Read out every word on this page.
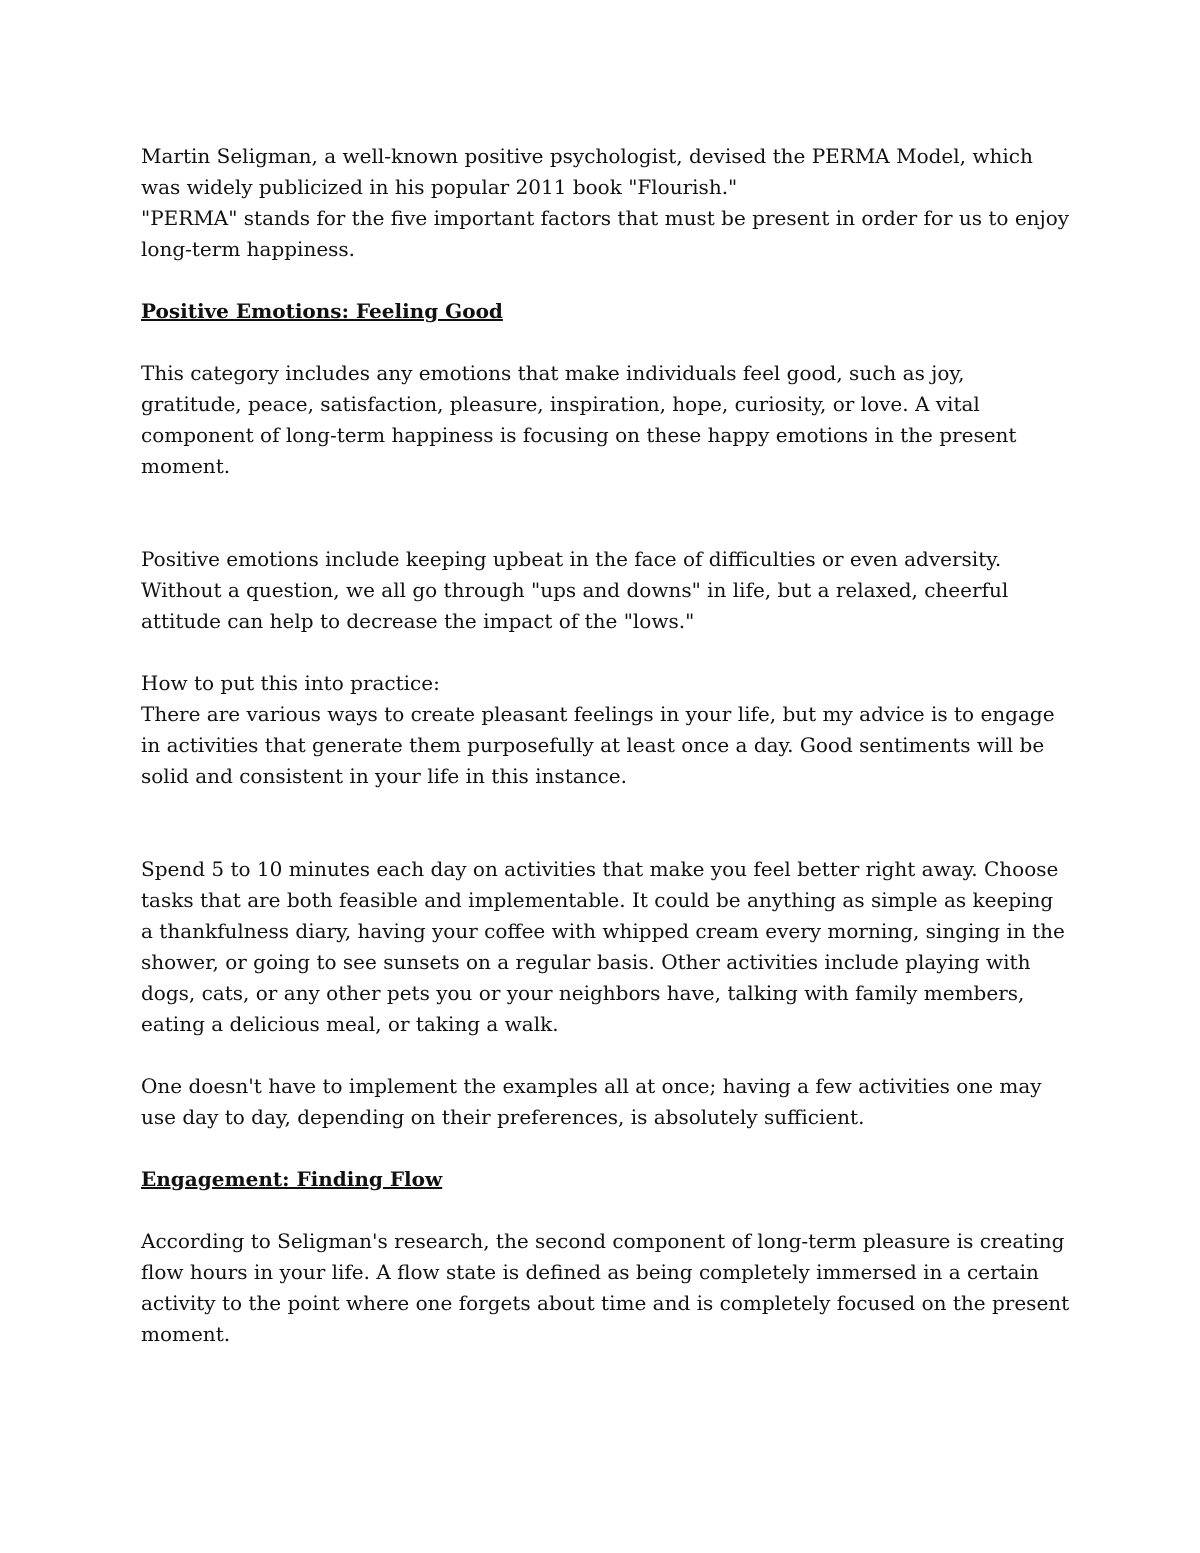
Martin Seligman, a well-known positive psychologist, devised the PERMA Model, which was widely publicized in his popular 2011 book "Flourish."

"PERMA" stands for the five important factors that must be present in order for us to enjoy long-term happiness.

Positive Emotions: Feeling Good

This category includes any emotions that make individuals feel good, such as joy, gratitude, peace, satisfaction, pleasure, inspiration, hope, curiosity, or love. A vital component of long-term happiness is focusing on these happy emotions in the present moment.

Positive emotions include keeping upbeat in the face of difficulties or even adversity. Without a question, we all go through "ups and downs" in life, but a relaxed, cheerful attitude can help to decrease the impact of the "lows."

How to put this into practice:

There are various ways to create pleasant feelings in your life, but my advice is to engage in activities that generate them purposefully at least once a day. Good sentiments will be solid and consistent in your life in this instance.

Spend 5 to 10 minutes each day on activities that make you feel better right away. Choose tasks that are both feasible and implementable. It could be anything as simple as keeping a thankfulness diary, having your coffee with whipped cream every morning, singing in the shower, or going to see sunsets on a regular basis. Other activities include playing with dogs, cats, or any other pets you or your neighbors have, talking with family members, eating a delicious meal, or taking a walk.

One doesn't have to implement the examples all at once; having a few activities one may use day to day, depending on their preferences, is absolutely sufficient.

Engagement: Finding Flow

According to Seligman's research, the second component of long-term pleasure is creating flow hours in your life. A flow state is defined as being completely immersed in a certain activity to the point where one forgets about time and is completely focused on the present moment.
